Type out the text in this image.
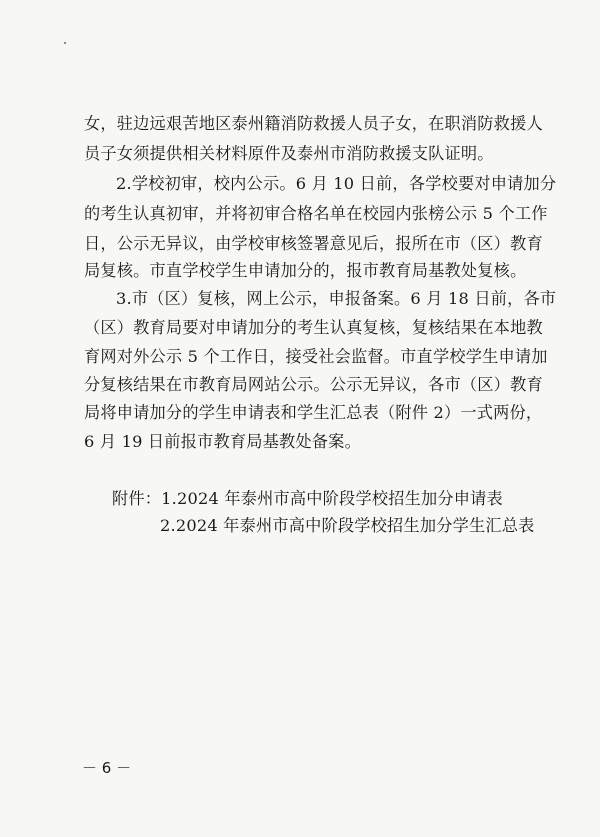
女，驻边远艰苦地区泰州籍消防救援人员子女，在职消防救援人
员子女须提供相关材料原件及泰州市消防救援支队证明。
2.学校初审，校内公示。6 月 10 日前，各学校要对申请加分
的考生认真初审，并将初审合格名单在校园内张榜公示 5 个工作
日，公示无异议，由学校审核签署意见后，报所在市（区）教育
局复核。市直学校学生申请加分的，报市教育局基教处复核。
3.市（区）复核，网上公示，申报备案。6 月 18 日前，各市
（区）教育局要对申请加分的考生认真复核，复核结果在本地教
育网对外公示 5 个工作日，接受社会监督。市直学校学生申请加
分复核结果在市教育局网站公示。公示无异议，各市（区）教育
局将申请加分的学生申请表和学生汇总表（附件 2）一式两份，
6 月 19 日前报市教育局基教处备案。
附件：1.2024 年泰州市高中阶段学校招生加分申请表
2.2024 年泰州市高中阶段学校招生加分学生汇总表
－ 6 －
